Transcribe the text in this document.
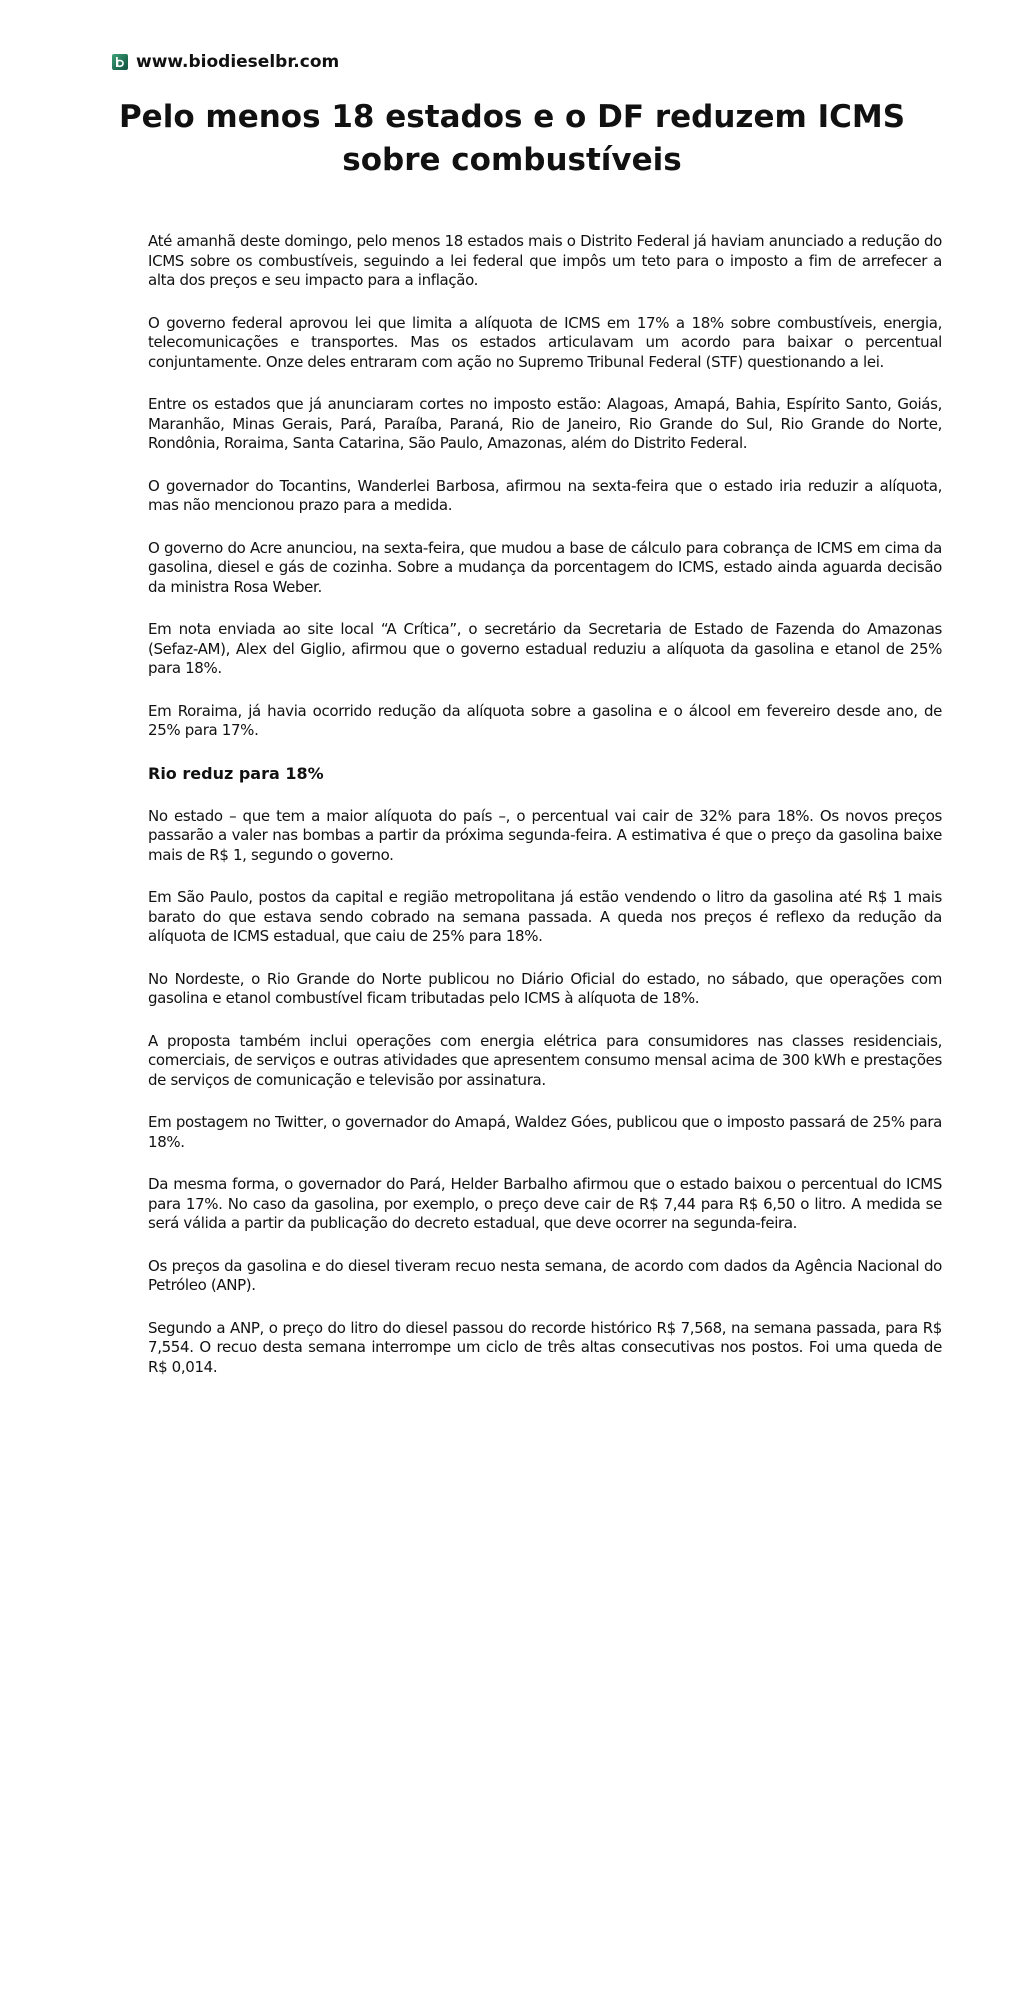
www.biodieselbr.com
Pelo menos 18 estados e o DF reduzem ICMS sobre combustíveis

Até amanhã deste domingo, pelo menos 18 estados mais o Distrito Federal já haviam anunciado a redução do ICMS sobre os combustíveis, seguindo a lei federal que impôs um teto para o imposto a fim de arrefecer a alta dos preços e seu impacto para a inflação.

O governo federal aprovou lei que limita a alíquota de ICMS em 17% a 18% sobre combustíveis, energia, telecomunicações e transportes. Mas os estados articulavam um acordo para baixar o percentual conjuntamente. Onze deles entraram com ação no Supremo Tribunal Federal (STF) questionando a lei.

Entre os estados que já anunciaram cortes no imposto estão: Alagoas, Amapá, Bahia, Espírito Santo, Goiás, Maranhão, Minas Gerais, Pará, Paraíba, Paraná, Rio de Janeiro, Rio Grande do Sul, Rio Grande do Norte, Rondônia, Roraima, Santa Catarina, São Paulo, Amazonas, além do Distrito Federal.

O governador do Tocantins, Wanderlei Barbosa, afirmou na sexta-feira que o estado iria reduzir a alíquota, mas não mencionou prazo para a medida.

O governo do Acre anunciou, na sexta-feira, que mudou a base de cálculo para cobrança de ICMS em cima da gasolina, diesel e gás de cozinha. Sobre a mudança da porcentagem do ICMS, estado ainda aguarda decisão da ministra Rosa Weber.

Em nota enviada ao site local “A Crítica”, o secretário da Secretaria de Estado de Fazenda do Amazonas (Sefaz-AM), Alex del Giglio, afirmou que o governo estadual reduziu a alíquota da gasolina e etanol de 25% para 18%.

Em Roraima, já havia ocorrido redução da alíquota sobre a gasolina e o álcool em fevereiro desde ano, de 25% para 17%.

Rio reduz para 18%

No estado – que tem a maior alíquota do país –, o percentual vai cair de 32% para 18%. Os novos preços passarão a valer nas bombas a partir da próxima segunda-feira. A estimativa é que o preço da gasolina baixe mais de R$ 1, segundo o governo.

Em São Paulo, postos da capital e região metropolitana já estão vendendo o litro da gasolina até R$ 1 mais barato do que estava sendo cobrado na semana passada. A queda nos preços é reflexo da redução da alíquota de ICMS estadual, que caiu de 25% para 18%.

No Nordeste, o Rio Grande do Norte publicou no Diário Oficial do estado, no sábado, que operações com gasolina e etanol combustível ficam tributadas pelo ICMS à alíquota de 18%.

A proposta também inclui operações com energia elétrica para consumidores nas classes residenciais, comerciais, de serviços e outras atividades que apresentem consumo mensal acima de 300 kWh e prestações de serviços de comunicação e televisão por assinatura.

Em postagem no Twitter, o governador do Amapá, Waldez Góes, publicou que o imposto passará de 25% para 18%.

Da mesma forma, o governador do Pará, Helder Barbalho afirmou que o estado baixou o percentual do ICMS para 17%. No caso da gasolina, por exemplo, o preço deve cair de R$ 7,44 para R$ 6,50 o litro. A medida se será válida a partir da publicação do decreto estadual, que deve ocorrer na segunda-feira.

Os preços da gasolina e do diesel tiveram recuo nesta semana, de acordo com dados da Agência Nacional do Petróleo (ANP).

Segundo a ANP, o preço do litro do diesel passou do recorde histórico R$ 7,568, na semana passada, para R$ 7,554. O recuo desta semana interrompe um ciclo de três altas consecutivas nos postos. Foi uma queda de R$ 0,014.
